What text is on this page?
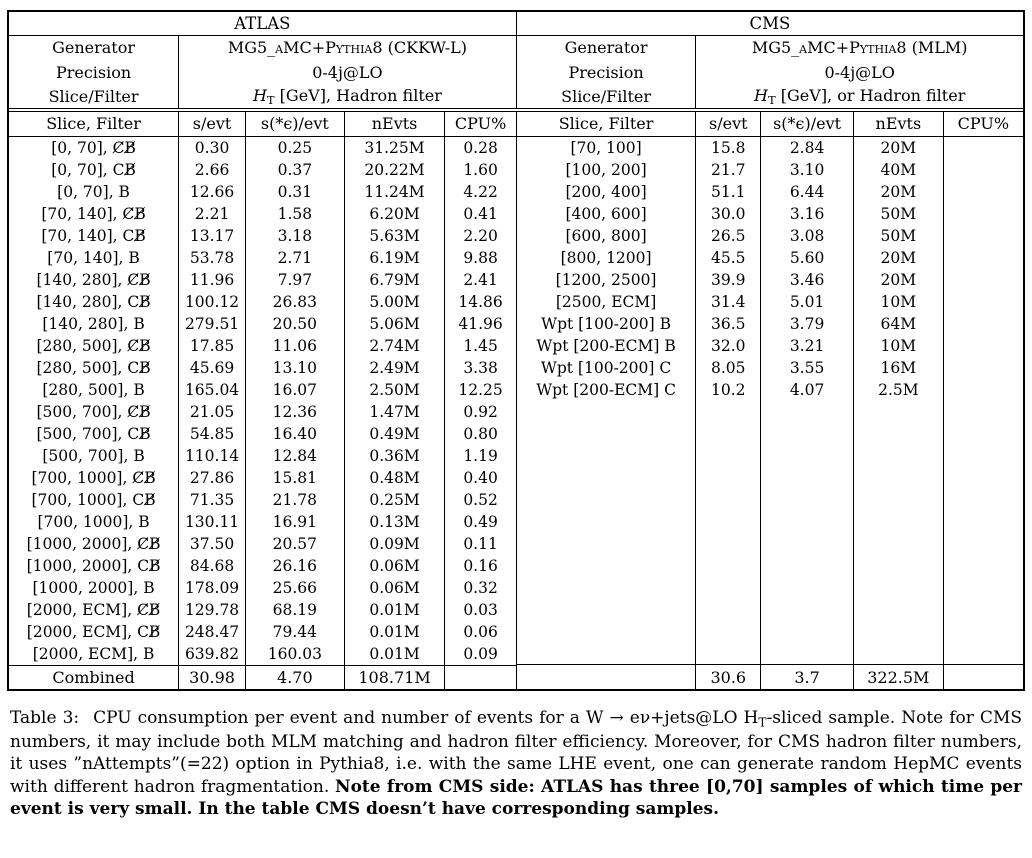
ATLAS				
Generator	MG5_aMC+Pythia8 (CKKW-L)			
Precision	0-4j@LO			
Slice/Filter	$H_T$ [GeV], Hadron filter			
Slice, Filter	s/evt	s(*ϵ)/evt	nEvts	CPU%
[0, 70], C̸B̸	0.30	0.25	31.25M	0.28
[0, 70], CB̸	2.66	0.37	20.22M	1.60
[0, 70], B	12.66	0.31	11.24M	4.22
[70, 140], C̸B̸	2.21	1.58	6.20M	0.41
[70, 140], CB̸	13.17	3.18	5.63M	2.20
[70, 140], B	53.78	2.71	6.19M	9.88
[140, 280], C̸B̸	11.96	7.97	6.79M	2.41
[140, 280], CB̸	100.12	26.83	5.00M	14.86
[140, 280], B	279.51	20.50	5.06M	41.96
[280, 500], C̸B̸	17.85	11.06	2.74M	1.45
[280, 500], CB̸	45.69	13.10	2.49M	3.38
[280, 500], B	165.04	16.07	2.50M	12.25
[500, 700], C̸B̸	21.05	12.36	1.47M	0.92
[500, 700], CB̸	54.85	16.40	0.49M	0.80
[500, 700], B	110.14	12.84	0.36M	1.19
[700, 1000], C̸B̸	27.86	15.81	0.48M	0.40
[700, 1000], CB̸	71.35	21.78	0.25M	0.52
[700, 1000], B	130.11	16.91	0.13M	0.49
[1000, 2000], C̸B̸	37.50	20.57	0.09M	0.11
[1000, 2000], CB̸	84.68	26.16	0.06M	0.16
[1000, 2000], B	178.09	25.66	0.06M	0.32
[2000, ECM], C̸B̸	129.78	68.19	0.01M	0.03
[2000, ECM], CB̸	248.47	79.44	0.01M	0.06
[2000, ECM], B	639.82	160.03	0.01M	0.09
Combined	30.98	4.70	108.71M	
CMS				
Generator	MG5_aMC+Pythia8 (MLM)			
Precision	0-4j@LO			
Slice/Filter	$H_T$ [GeV], or Hadron filter			
Slice, Filter	s/evt	s(*ϵ)/evt	nEvts	CPU%
[70, 100]	15.8	2.84	20M	
[100, 200]	21.7	3.10	40M	
[200, 400]	51.1	6.44	20M	
[400, 600]	30.0	3.16	50M	
[600, 800]	26.5	3.08	50M	
[800, 1200]	45.5	5.60	20M	
[1200, 2500]	39.9	3.46	20M	
[2500, ECM]	31.4	5.01	10M	
Wpt [100-200] B	36.5	3.79	64M	
Wpt [200-ECM] B	32.0	3.21	10M	
Wpt [100-200] C	8.05	3.55	16M	
Wpt [200-ECM] C	10.2	4.07	2.5M	

	30.6	3.7	322.5M	

Table 3: CPU consumption per event and number of events for a W → eν+jets@LO $H_T$-sliced sample. Note for CMS numbers, it may include both MLM matching and hadron filter efficiency. Moreover, for CMS hadron filter numbers, it uses ”nAttempts”(=22) option in Pythia8, i.e. with the same LHE event, one can generate random HepMC events with different hadron fragmentation. Note from CMS side: ATLAS has three [0,70] samples of which time per event is very small. In the table CMS doesn’t have corresponding samples.
